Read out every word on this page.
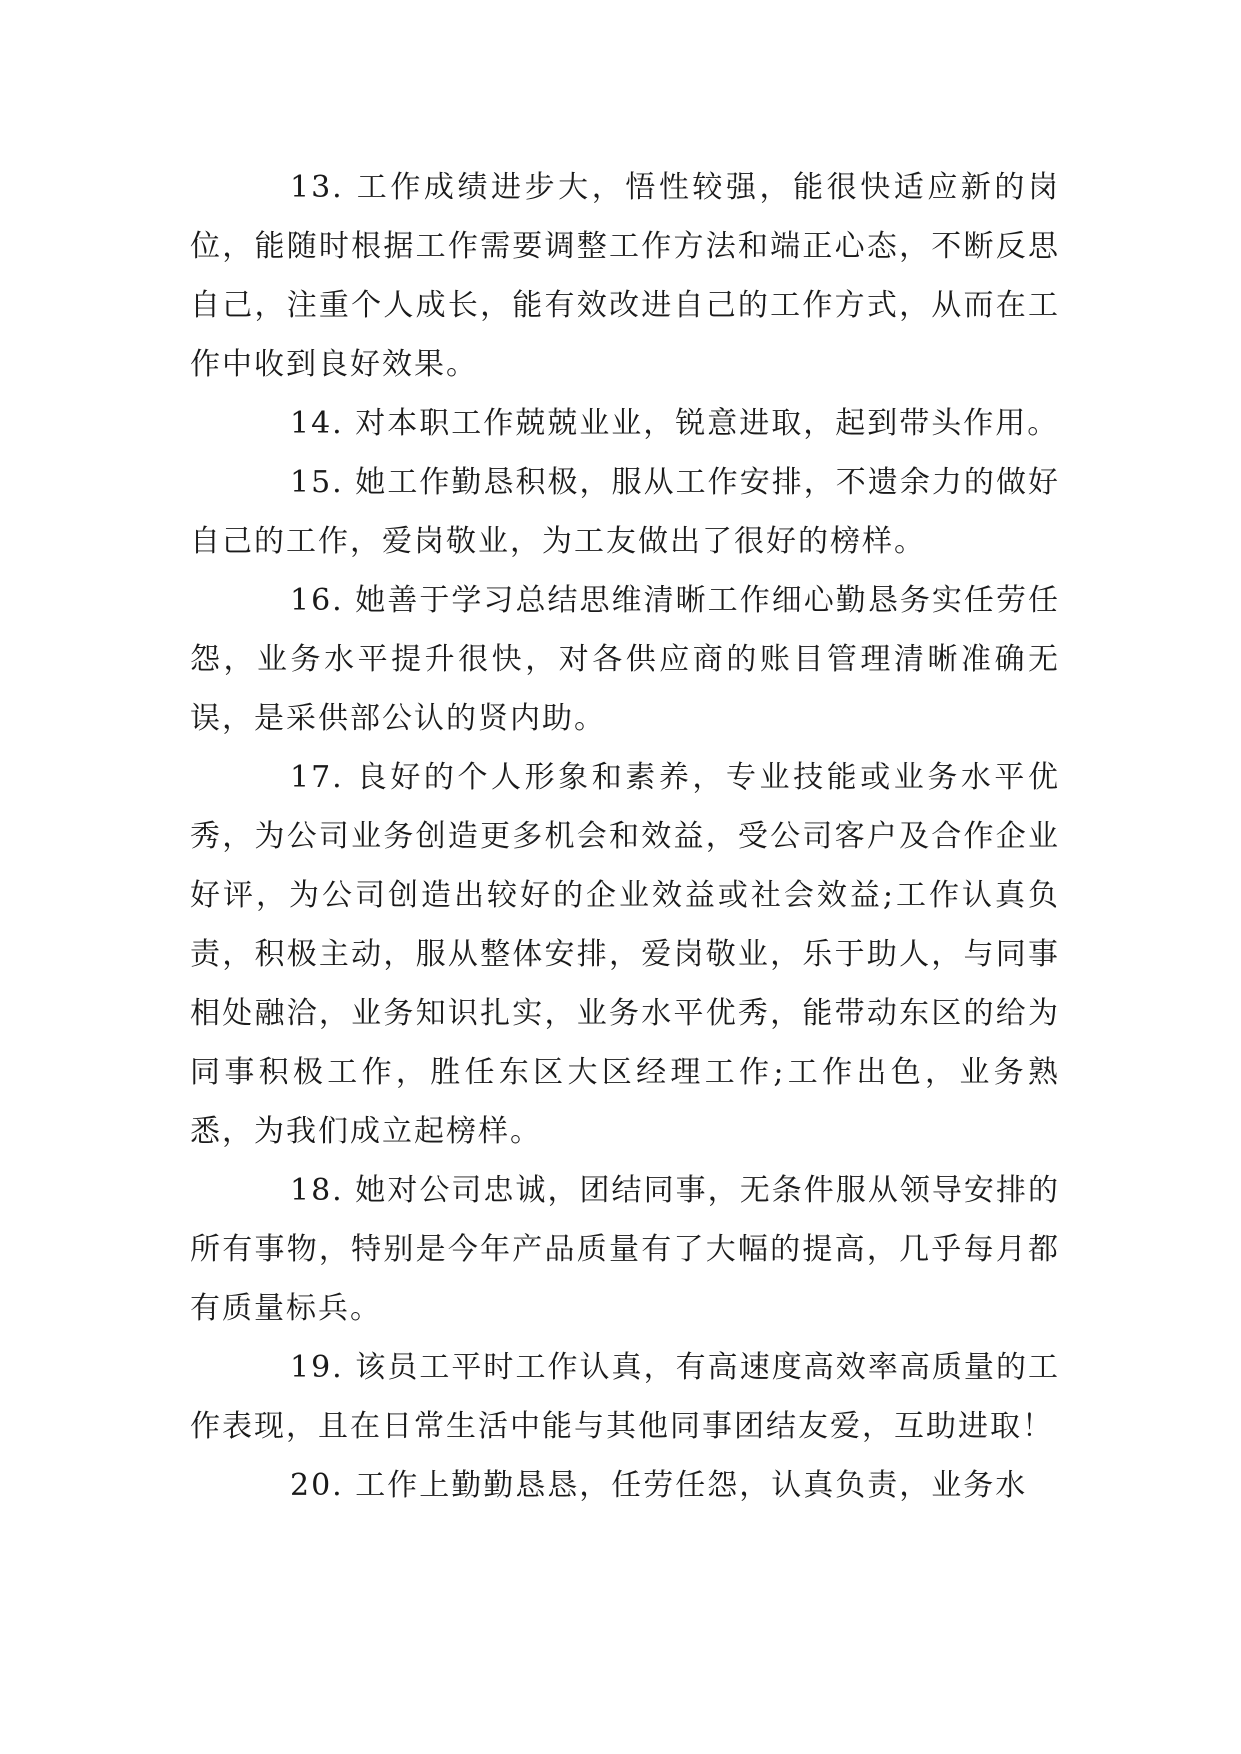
13. 工作成绩进步大，悟性较强，能很快适应新的岗位，能随时根据工作需要调整工作方法和端正心态，不断反思自己，注重个人成长，能有效改进自己的工作方式，从而在工作中收到良好效果。

14. 对本职工作兢兢业业，锐意进取，起到带头作用。

15. 她工作勤恳积极，服从工作安排，不遗余力的做好自己的工作，爱岗敬业，为工友做出了很好的榜样。

16. 她善于学习总结思维清晰工作细心勤恳务实任劳任怨，业务水平提升很快，对各供应商的账目管理清晰准确无误，是采供部公认的贤内助。

17. 良好的个人形象和素养，专业技能或业务水平优秀，为公司业务创造更多机会和效益，受公司客户及合作企业好评，为公司创造出较好的企业效益或社会效益;工作认真负责，积极主动，服从整体安排，爱岗敬业，乐于助人，与同事相处融洽，业务知识扎实，业务水平优秀，能带动东区的给为同事积极工作，胜任东区大区经理工作;工作出色，业务熟悉，为我们成立起榜样。

18. 她对公司忠诚，团结同事，无条件服从领导安排的所有事物，特别是今年产品质量有了大幅的提高，几乎每月都有质量标兵。

19. 该员工平时工作认真，有高速度高效率高质量的工作表现，且在日常生活中能与其他同事团结友爱，互助进取！

20. 工作上勤勤恳恳，任劳任怨，认真负责，业务水
